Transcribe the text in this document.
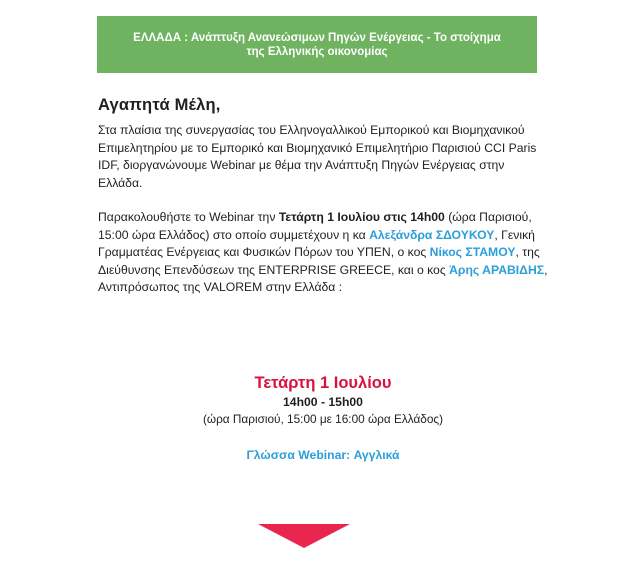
ΕΛΛΑΔΑ : Ανάπτυξη Ανανεώσιμων Πηγών Ενέργειας - Το στοίχημα της Ελληνικής οικονομίας
Αγαπητά Μέλη,

Στα πλαίσια της συνεργασίας του Ελληνογαλλικού Εμπορικού και Βιομηχανικού Επιμελητηρίου με το Εμπορικό και Βιομηχανικό Επιμελητήριο Παρισιού CCI Paris IDF, διοργανώνουμε Webinar με θέμα την Ανάπτυξη Πηγών Ενέργειας στην Ελλάδα.

Παρακολουθήστε το Webinar την Τετάρτη 1 Ιουλίου στις 14h00 (ώρα Παρισιού, 15:00 ώρα Ελλάδος) στο οποίο συμμετέχουν η κα Αλεξάνδρα ΣΔΟΥΚΟΥ, Γενική Γραμματέας Ενέργειας και Φυσικών Πόρων του ΥΠΕΝ, ο κος Νίκος ΣΤΑΜΟΥ, της Διεύθυνσης Επενδύσεων της ENTERPRISE GREECE, και ο κος Άρης ΑΡΑΒΙΔΗΣ, Αντιπρόσωπος της VALOREM στην Ελλάδα :

Τετάρτη 1 Ιουλίου
14h00 - 15h00
(ώρα Παρισιού, 15:00 με 16:00 ώρα Ελλάδος)
Γλώσσα Webinar: Αγγλικά
